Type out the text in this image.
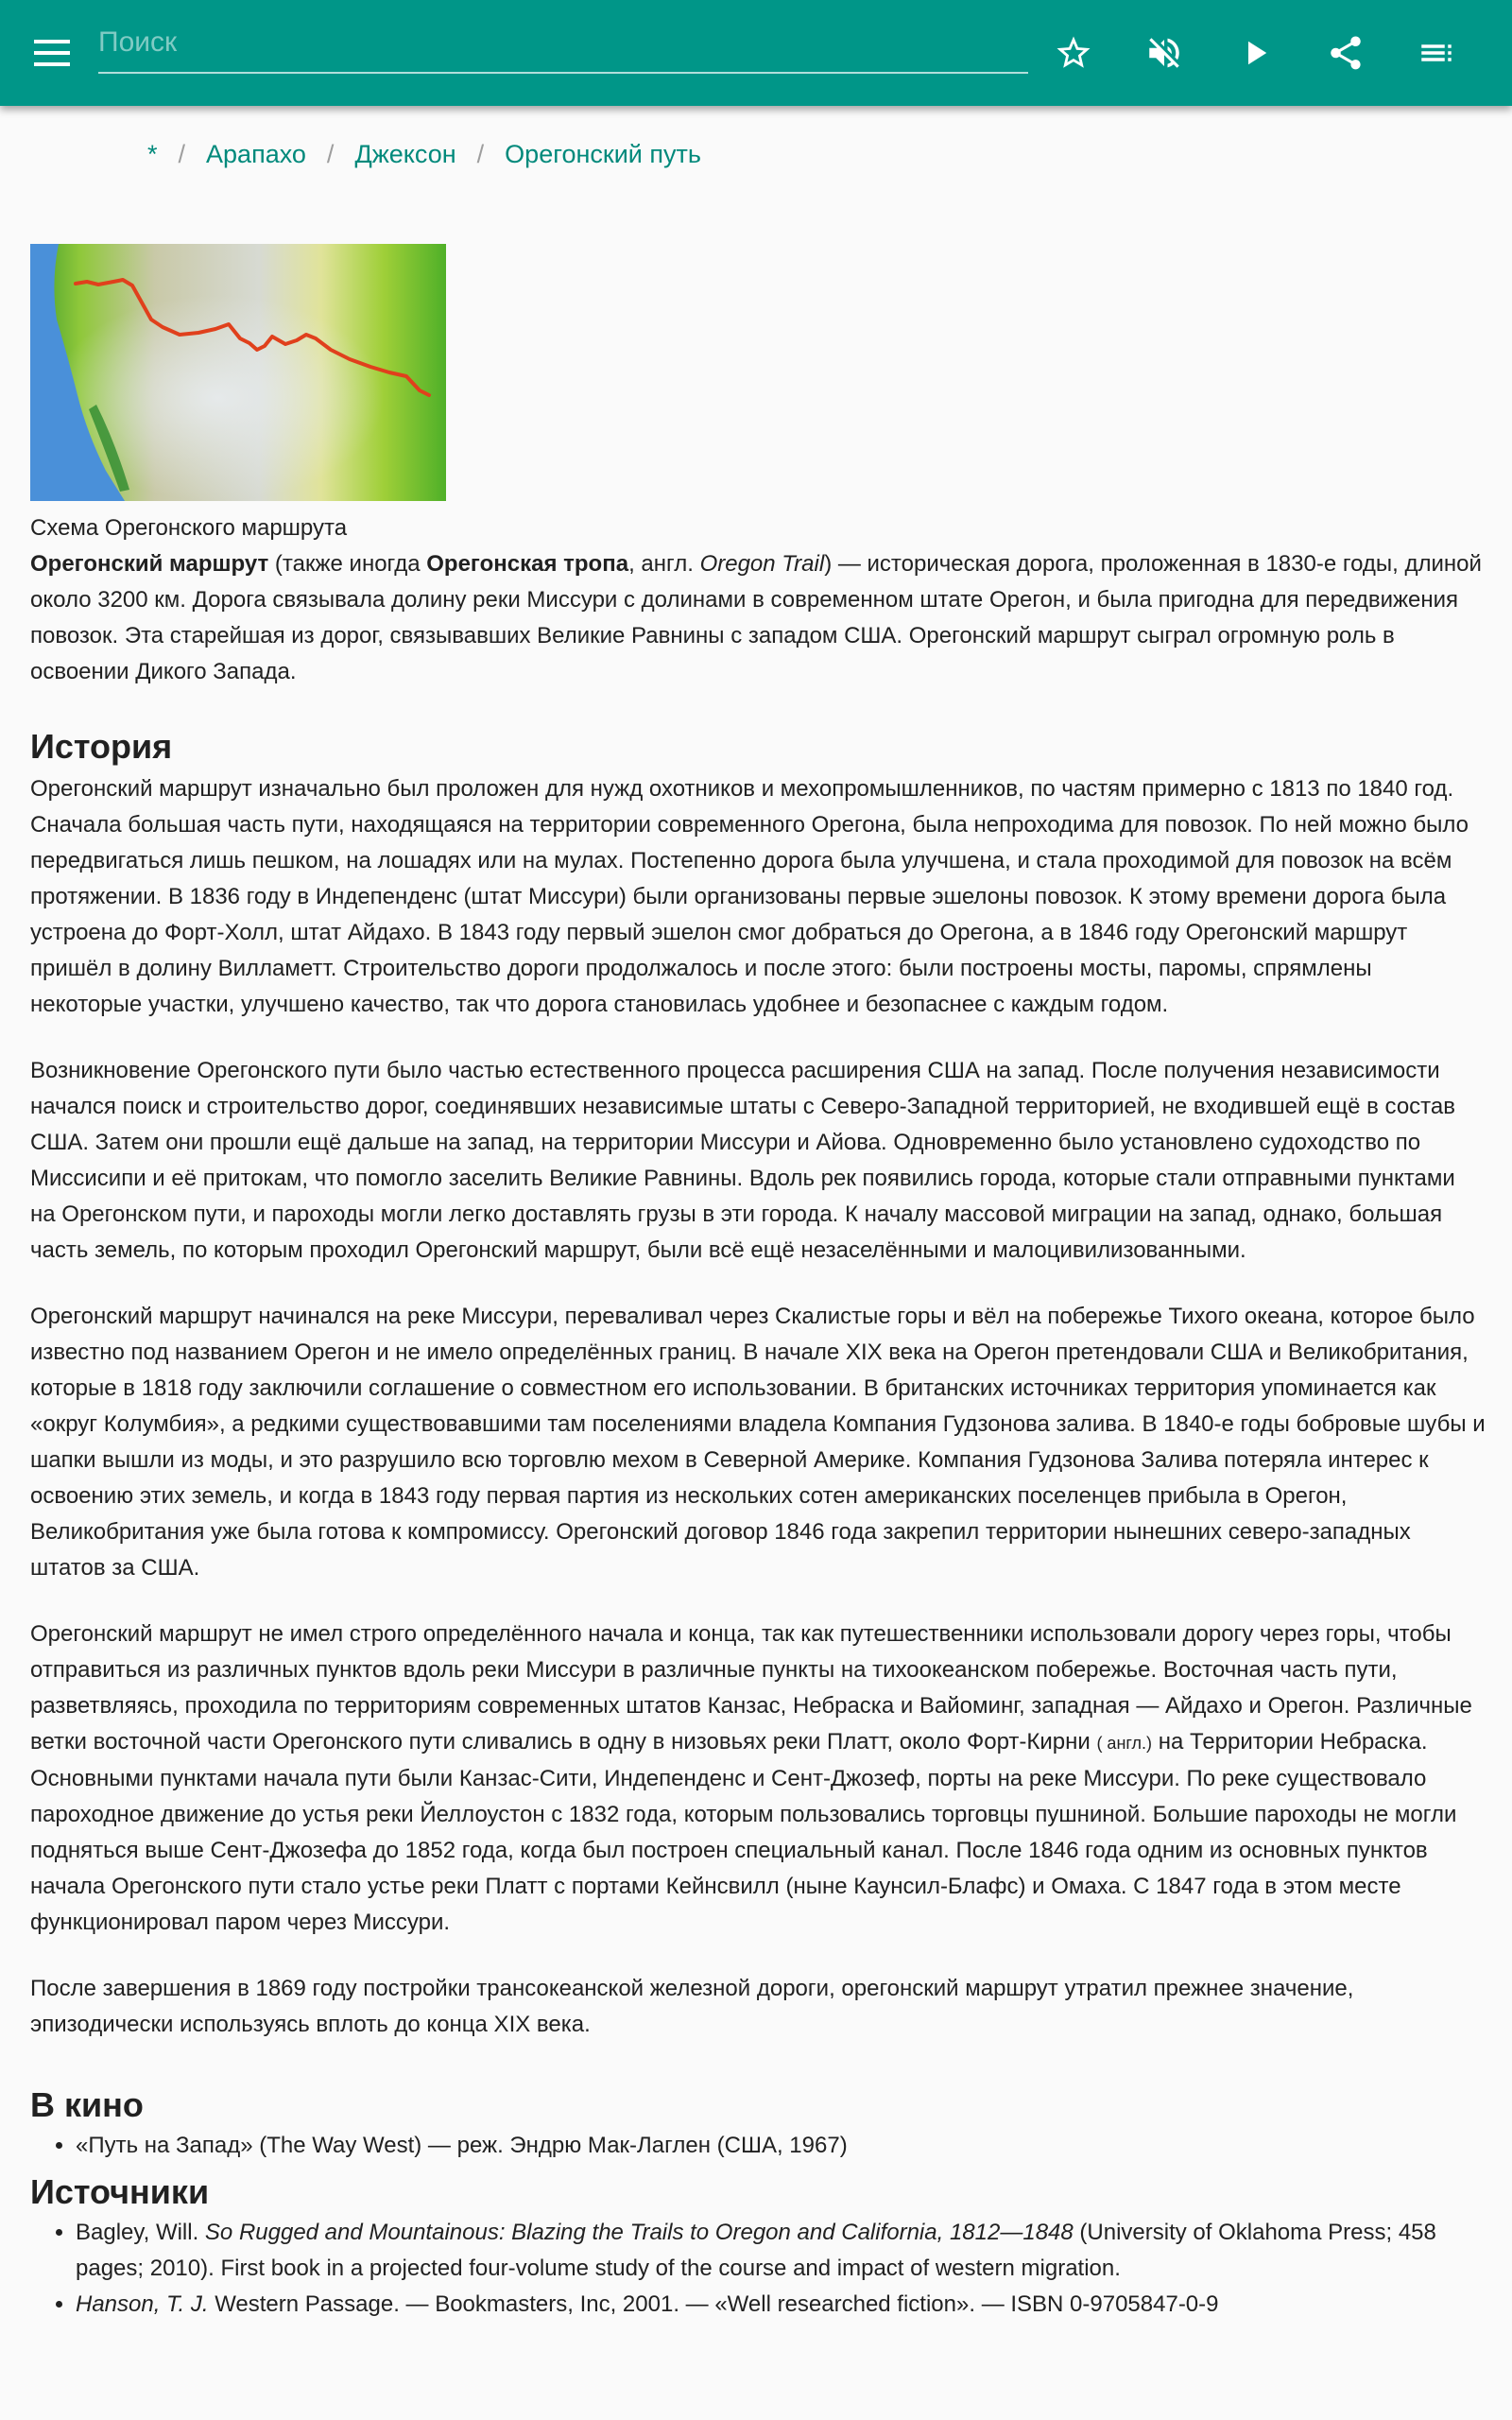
Поиск
* / Арапахо / Джексон / Орегонский путь
Схема Орегонского маршрута

Орегонский маршрут (также иногда Орегонская тропа, англ. Oregon Trail) — историческая дорога, проложенная в 1830-е годы, длиной около 3200 км. Дорога связывала долину реки Миссури с долинами в современном штате Орегон, и была пригодна для передвижения повозок. Эта старейшая из дорог, связывавших Великие Равнины с западом США. Орегонский маршрут сыграл огромную роль в освоении Дикого Запада.

История

Орегонский маршрут изначально был проложен для нужд охотников и мехопромышленников, по частям примерно с 1813 по 1840 год. Сначала большая часть пути, находящаяся на территории современного Орегона, была непроходима для повозок. По ней можно было передвигаться лишь пешком, на лошадях или на мулах. Постепенно дорога была улучшена, и стала проходимой для повозок на всём протяжении. В 1836 году в Индепенденс (штат Миссури) были организованы первые эшелоны повозок. К этому времени дорога была устроена до Форт-Холл, штат Айдахо. В 1843 году первый эшелон смог добраться до Орегона, а в 1846 году Орегонский маршрут пришёл в долину Вилламетт. Строительство дороги продолжалось и после этого: были построены мосты, паромы, спрямлены некоторые участки, улучшено качество, так что дорога становилась удобнее и безопаснее с каждым годом.

Возникновение Орегонского пути было частью естественного процесса расширения США на запад. После получения независимости начался поиск и строительство дорог, соединявших независимые штаты с Северо-Западной территорией, не входившей ещё в состав США. Затем они прошли ещё дальше на запад, на территории Миссури и Айова. Одновременно было установлено судоходство по Миссисипи и её притокам, что помогло заселить Великие Равнины. Вдоль рек появились города, которые стали отправными пунктами на Орегонском пути, и пароходы могли легко доставлять грузы в эти города. К началу массовой миграции на запад, однако, большая часть земель, по которым проходил Орегонский маршрут, были всё ещё незаселёнными и малоцивилизованными.

Орегонский маршрут начинался на реке Миссури, переваливал через Скалистые горы и вёл на побережье Тихого океана, которое было известно под названием Орегон и не имело определённых границ. В начале XIX века на Орегон претендовали США и Великобритания, которые в 1818 году заключили соглашение о совместном его использовании. В британских источниках территория упоминается как «округ Колумбия», а редкими существовавшими там поселениями владела Компания Гудзонова залива. В 1840-е годы бобровые шубы и шапки вышли из моды, и это разрушило всю торговлю мехом в Северной Америке. Компания Гудзонова Залива потеряла интерес к освоению этих земель, и когда в 1843 году первая партия из нескольких сотен американских поселенцев прибыла в Орегон, Великобритания уже была готова к компромиссу. Орегонский договор 1846 года закрепил территории нынешних северо-западных штатов за США.

Орегонский маршрут не имел строго определённого начала и конца, так как путешественники использовали дорогу через горы, чтобы отправиться из различных пунктов вдоль реки Миссури в различные пункты на тихоокеанском побережье. Восточная часть пути, разветвляясь, проходила по территориям современных штатов Канзас, Небраска и Вайоминг, западная — Айдахо и Орегон. Различные ветки восточной части Орегонского пути сливались в одну в низовьях реки Платт, около Форт-Кирни ( англ.) на Территории Небраска. Основными пунктами начала пути были Канзас-Сити, Индепенденс и Сент-Джозеф, порты на реке Миссури. По реке существовало пароходное движение до устья реки Йеллоустон с 1832 года, которым пользовались торговцы пушниной. Большие пароходы не могли подняться выше Сент-Джозефа до 1852 года, когда был построен специальный канал. После 1846 года одним из основных пунктов начала Орегонского пути стало устье реки Платт с портами Кейнсвилл (ныне Каунсил-Блафс) и Омаха. С 1847 года в этом месте функционировал паром через Миссури.

После завершения в 1869 году постройки трансокеанской железной дороги, орегонский маршрут утратил прежнее значение, эпизодически используясь вплоть до конца XIX века.

В кино
• «Путь на Запад» (The Way West) — реж. Эндрю Мак-Лаглен (США, 1967)
Источники
• Bagley, Will. So Rugged and Mountainous: Blazing the Trails to Oregon and California, 1812—1848 (University of Oklahoma Press; 458 pages; 2010). First book in a projected four-volume study of the course and impact of western migration.
• Hanson, T. J. Western Passage. — Bookmasters, Inc, 2001. — «Well researched fiction». — ISBN 0-9705847-0-9
